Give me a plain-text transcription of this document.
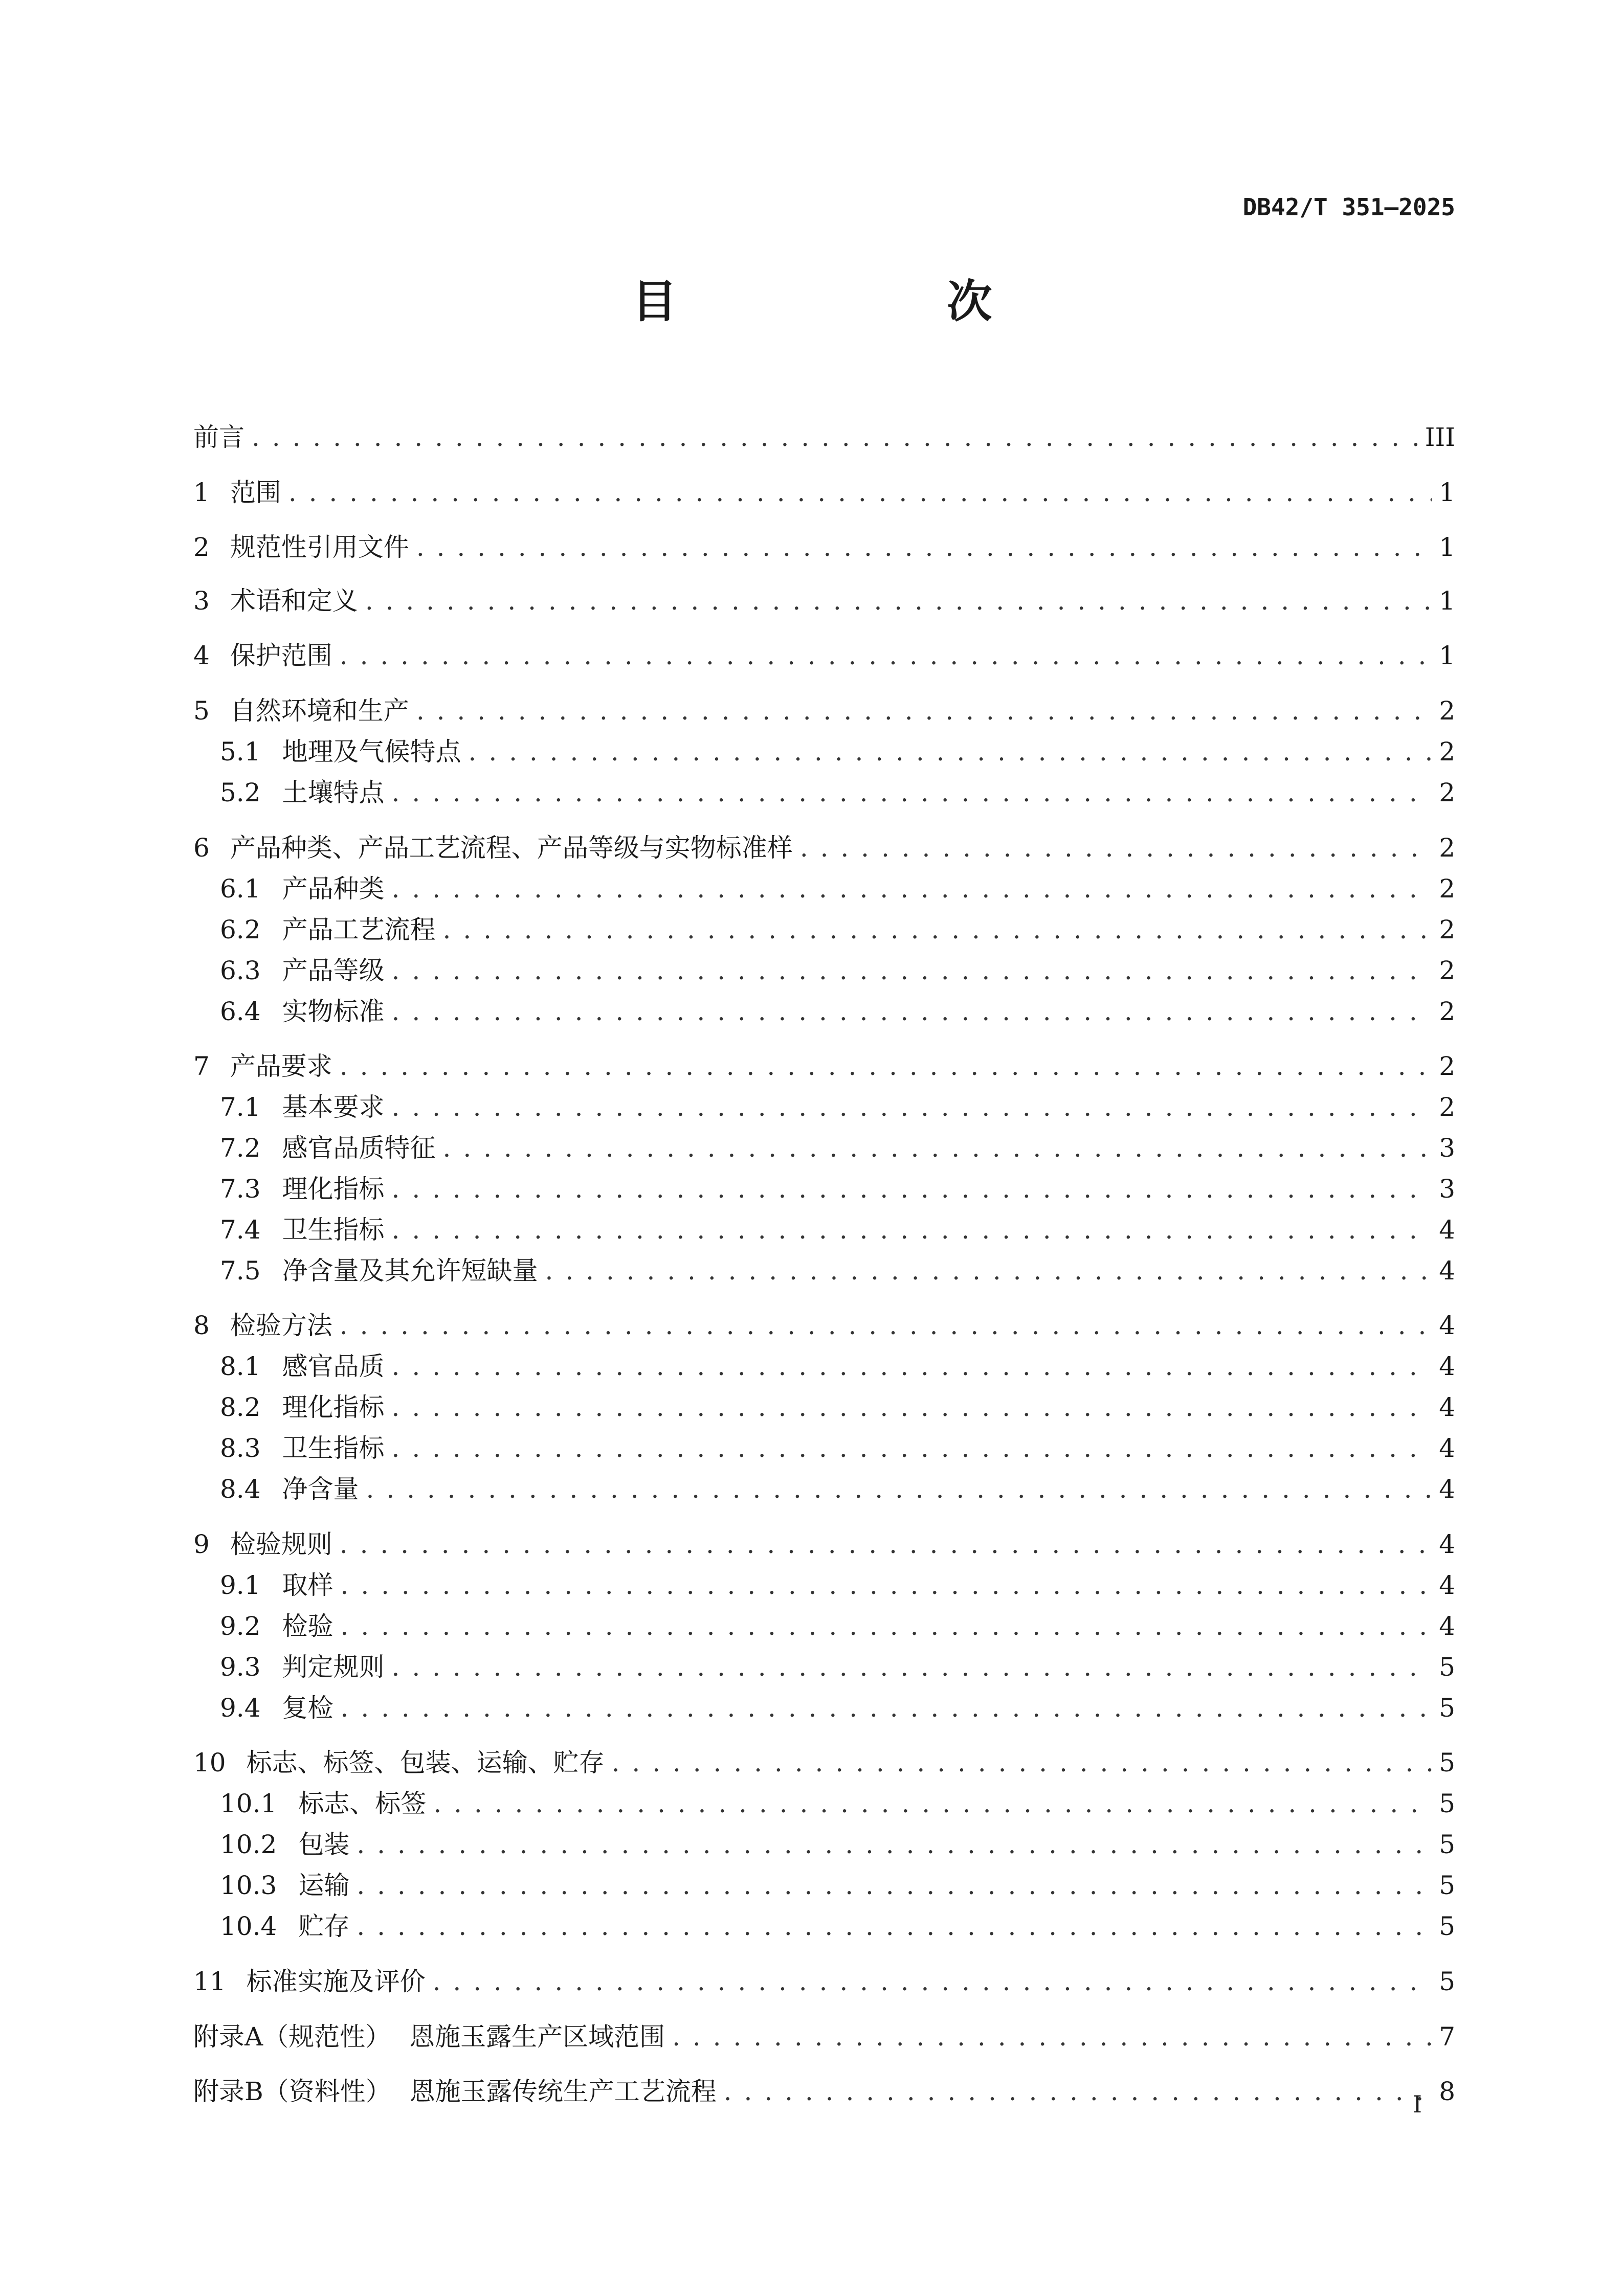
DB42/T 351—2025
目　次
前言 . . .	III
1 范围 . . .	1
2 规范性引用文件 . . .	1
3 术语和定义 . . .	1
4 保护范围 . . .	1
5 自然环境和生产 . . .	2
5.1 地理及气候特点 . . .	2
5.2 土壤特点 . . .	2
6 产品种类、产品工艺流程、产品等级与实物标准样 . . .	2
6.1 产品种类 . . .	2
6.2 产品工艺流程 . . .	2
6.3 产品等级 . . .	2
6.4 实物标准 . . .	2
7 产品要求 . . .	2
7.1 基本要求 . . .	2
7.2 感官品质特征 . . .	3
7.3 理化指标 . . .	3
7.4 卫生指标 . . .	4
7.5 净含量及其允许短缺量 . . .	4
8 检验方法 . . .	4
8.1 感官品质 . . .	4
8.2 理化指标 . . .	4
8.3 卫生指标 . . .	4
8.4 净含量 . . .	4
9 检验规则 . . .	4
9.1 取样 . . .	4
9.2 检验 . . .	4
9.3 判定规则 . . .	5
9.4 复检 . . .	5
10 标志、标签、包装、运输、贮存 . . .	5
10.1 标志、标签 . . .	5
10.2 包装 . . .	5
10.3 运输 . . .	5
10.4 贮存 . . .	5
11 标准实施及评价 . . .	5
附录A（规范性） 恩施玉露生产区域范围 . . .	7
附录B（资料性） 恩施玉露传统生产工艺流程 . . .	8
I
